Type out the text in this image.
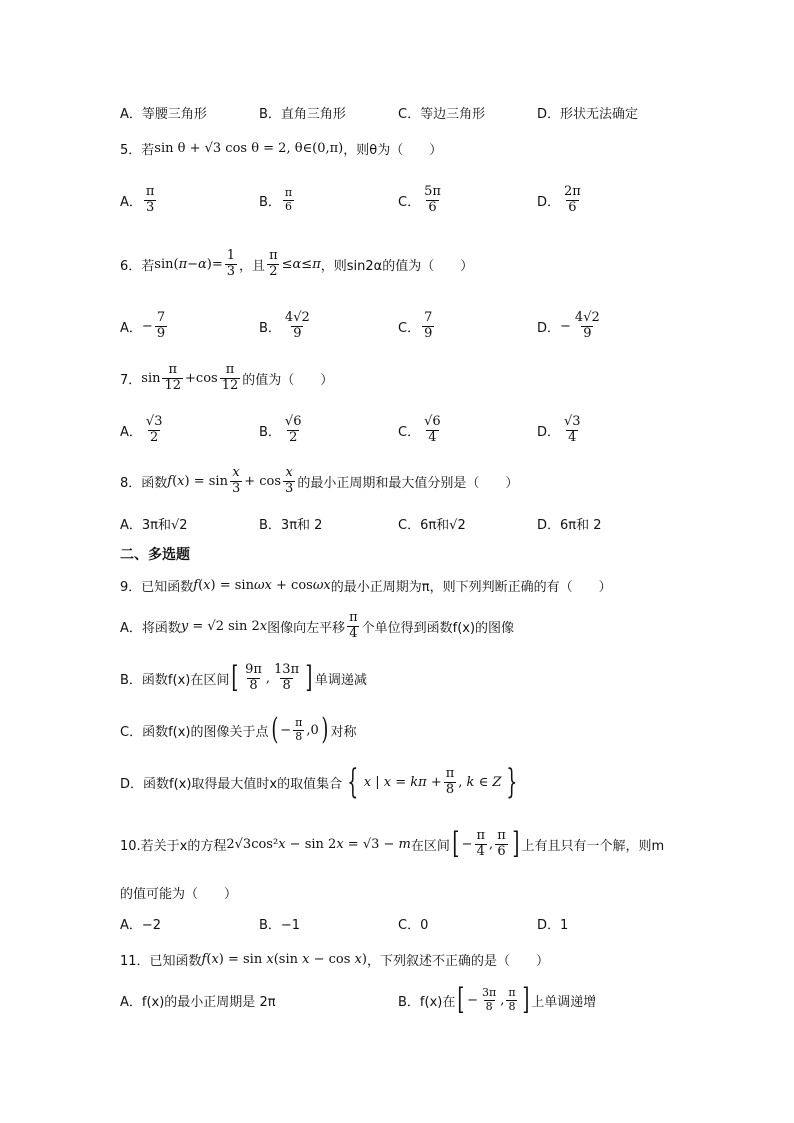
A．等腰三角形	B．直角三角形	C．等边三角形	D．形状无法确定
5．若 sin θ + √3 cos θ = 2, θ∈(0,π) ，则θ为（　　）
A． $\frac{\pi}{3}$	B． $\frac{\pi}{6}$	C． $\frac{5\pi}{6}$	D． $\frac{2\pi}{6}$
6．若 $\sin(\pi-\alpha)= \frac{1}{3}$ ，且 $\frac{\pi}{2} \le\alpha\le\pi$ ，则sin2α的值为（　　）
A． − $\frac{7}{9}$	B． $\frac{4√2}{9}$	C． $\frac{7}{9}$	D． − $\frac{4√2}{9}$
7． $\sin \frac{\pi}{12} +\cos \frac{\pi}{12}$ 的值为（　　）
A． $\frac{√3}{2}$	B． $\frac{√6}{2}$	C． $\frac{√6}{4}$	D． $\frac{√3}{4}$
8．函数 $f(x) = \sin \frac{x}{3} + \cos \frac{x}{3}$ 的最小正周期和最大值分别是（　　）
A．3π和√2	B．3π和 2	C．6π和√2	D．6π和 2
二、多选题
9．已知函数 f(x) = sinωx + cosωx 的最小正周期为π，则下列判断正确的有（　　）
A．将函数 y = √2 sin 2x 图像向左平移 $\frac{\pi}{4}$ 个单位得到函数f(x)的图像
B．函数f(x)在区间 [ $\frac{9\pi}{8}$ , $\frac{13\pi}{8}$ ] 单调递减
C．函数f(x)的图像关于点 ( − $\frac{\pi}{8} ,0$ ) 对称
D．函数f(x)取得最大值时x的取值集合 { x | $x = k\pi + \frac{\pi}{8}$ , k ∈ Z }
10.若关于x的方程 2√3cos²x − sin 2x = √3 − m 在区间 [ − $\frac{\pi}{4}$ , $\frac{\pi}{6}$ ] 上有且只有一个解，则m
的值可能为（　　）
A．−2	B．−1	C．0	D．1
11．已知函数 f(x) = sin x(sin x − cos x) ，下列叙述不正确的是（　　）
A．f(x)的最小正周期是 2π	B．f(x)在 [ − $\frac{3\pi}{8}$ , $\frac{\pi}{8}$ ] 上单调递增
